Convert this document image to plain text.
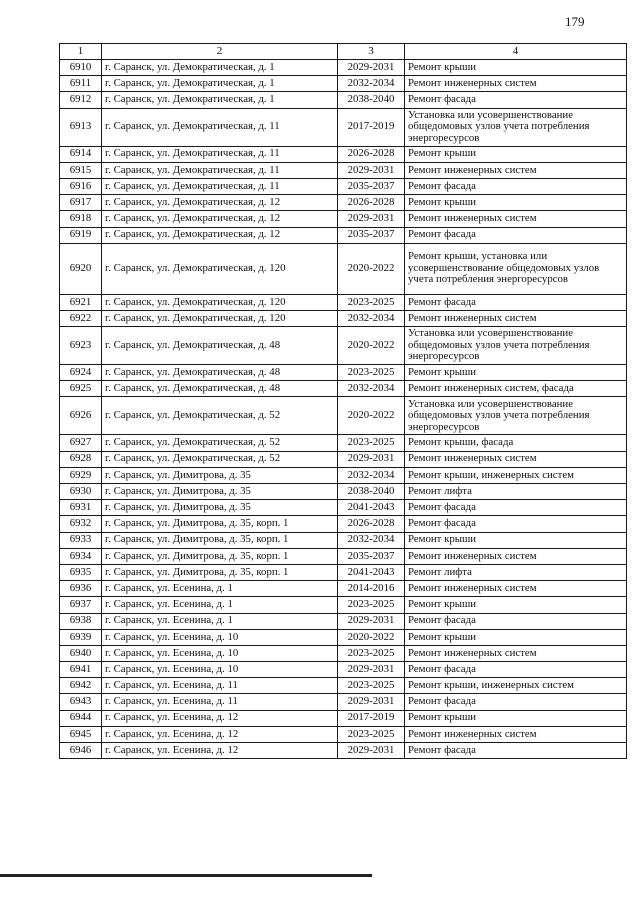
179
1	2	3	4
6910	г. Саранск, ул. Демократическая, д. 1	2029-2031	Ремонт крыши
6911	г. Саранск, ул. Демократическая, д. 1	2032-2034	Ремонт инженерных систем
6912	г. Саранск, ул. Демократическая, д. 1	2038-2040	Ремонт фасада
6913	г. Саранск, ул. Демократическая, д. 11	2017-2019	Установка или усовершенствование общедомовых узлов учета потребления энергоресурсов
6914	г. Саранск, ул. Демократическая, д. 11	2026-2028	Ремонт крыши
6915	г. Саранск, ул. Демократическая, д. 11	2029-2031	Ремонт инженерных систем
6916	г. Саранск, ул. Демократическая, д. 11	2035-2037	Ремонт фасада
6917	г. Саранск, ул. Демократическая, д. 12	2026-2028	Ремонт крыши
6918	г. Саранск, ул. Демократическая, д. 12	2029-2031	Ремонт инженерных систем
6919	г. Саранск, ул. Демократическая, д. 12	2035-2037	Ремонт фасада
6920	г. Саранск, ул. Демократическая, д. 120	2020-2022	Ремонт крыши, установка или усовершенствование общедомовых узлов учета потребления энергоресурсов
6921	г. Саранск, ул. Демократическая, д. 120	2023-2025	Ремонт фасада
6922	г. Саранск, ул. Демократическая, д. 120	2032-2034	Ремонт инженерных систем
6923	г. Саранск, ул. Демократическая, д. 48	2020-2022	Установка или усовершенствование общедомовых узлов учета потребления энергоресурсов
6924	г. Саранск, ул. Демократическая, д. 48	2023-2025	Ремонт крыши
6925	г. Саранск, ул. Демократическая, д. 48	2032-2034	Ремонт инженерных систем, фасада
6926	г. Саранск, ул. Демократическая, д. 52	2020-2022	Установка или усовершенствование общедомовых узлов учета потребления энергоресурсов
6927	г. Саранск, ул. Демократическая, д. 52	2023-2025	Ремонт крыши, фасада
6928	г. Саранск, ул. Демократическая, д. 52	2029-2031	Ремонт инженерных систем
6929	г. Саранск, ул. Димитрова, д. 35	2032-2034	Ремонт крыши, инженерных систем
6930	г. Саранск, ул. Димитрова, д. 35	2038-2040	Ремонт лифта
6931	г. Саранск, ул. Димитрова, д. 35	2041-2043	Ремонт фасада
6932	г. Саранск, ул. Димитрова, д. 35, корп. 1	2026-2028	Ремонт фасада
6933	г. Саранск, ул. Димитрова, д. 35, корп. 1	2032-2034	Ремонт крыши
6934	г. Саранск, ул. Димитрова, д. 35, корп. 1	2035-2037	Ремонт инженерных систем
6935	г. Саранск, ул. Димитрова, д. 35, корп. 1	2041-2043	Ремонт лифта
6936	г. Саранск, ул. Есенина, д. 1	2014-2016	Ремонт инженерных систем
6937	г. Саранск, ул. Есенина, д. 1	2023-2025	Ремонт крыши
6938	г. Саранск, ул. Есенина, д. 1	2029-2031	Ремонт фасада
6939	г. Саранск, ул. Есенина, д. 10	2020-2022	Ремонт крыши
6940	г. Саранск, ул. Есенина, д. 10	2023-2025	Ремонт инженерных систем
6941	г. Саранск, ул. Есенина, д. 10	2029-2031	Ремонт фасада
6942	г. Саранск, ул. Есенина, д. 11	2023-2025	Ремонт крыши, инженерных систем
6943	г. Саранск, ул. Есенина, д. 11	2029-2031	Ремонт фасада
6944	г. Саранск, ул. Есенина, д. 12	2017-2019	Ремонт крыши
6945	г. Саранск, ул. Есенина, д. 12	2023-2025	Ремонт инженерных систем
6946	г. Саранск, ул. Есенина, д. 12	2029-2031	Ремонт фасада
